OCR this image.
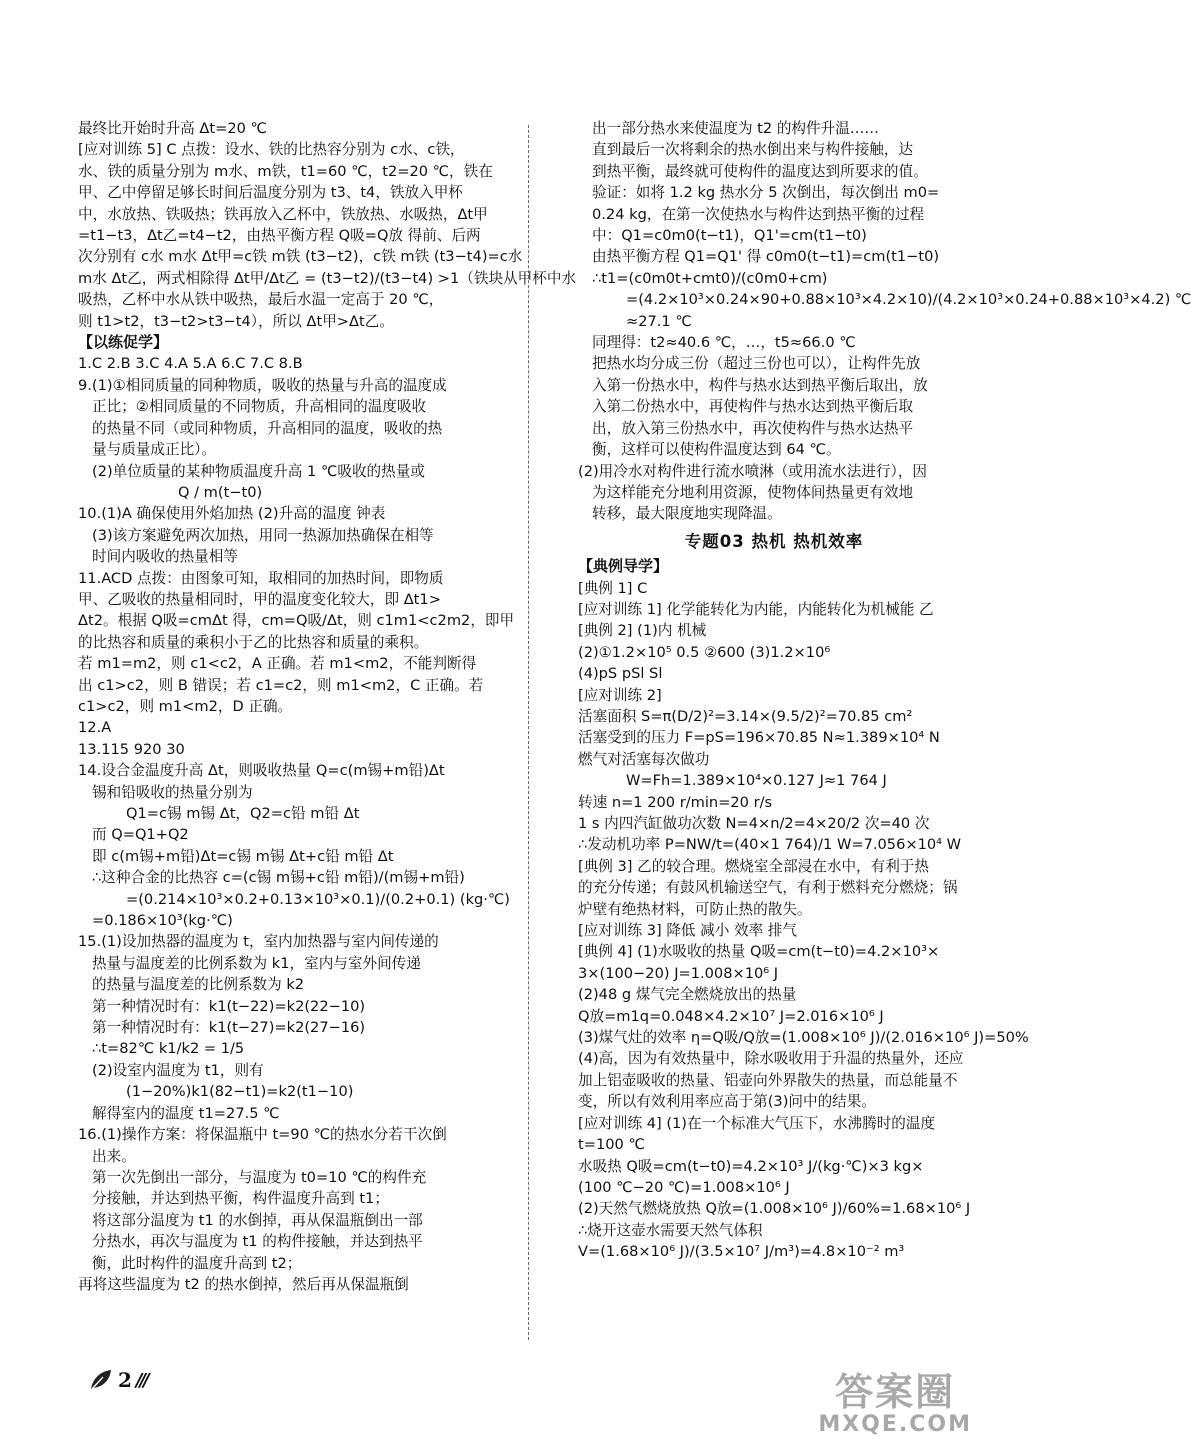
最终比开始时升高 Δt=20 ℃
[应对训练 5] C 点拨：设水、铁的比热容分别为 c水、c铁，
水、铁的质量分别为 m水、m铁，t1=60 ℃，t2=20 ℃，铁在
甲、乙中停留足够长时间后温度分别为 t3、t4，铁放入甲杯
中，水放热、铁吸热；铁再放入乙杯中，铁放热、水吸热，Δt甲
=t1−t3，Δt乙=t4−t2，由热平衡方程 Q吸=Q放 得前、后两
次分别有 c水 m水 Δt甲=c铁 m铁 (t3−t2)，c铁 m铁 (t3−t4)=c水
m水 Δt乙，两式相除得 Δt甲/Δt乙 = (t3−t2)/(t3−t4) >1（铁块从甲杯中水
吸热，乙杯中水从铁中吸热，最后水温一定高于 20 ℃，
则 t1>t2，t3−t2>t3−t4），所以 Δt甲>Δt乙。
【以练促学】
1.C 2.B 3.C 4.A 5.A 6.C 7.C 8.B
9.(1)①相同质量的同种物质，吸收的热量与升高的温度成
正比；②相同质量的不同物质，升高相同的温度吸收
的热量不同（或同种物质，升高相同的温度，吸收的热
量与质量成正比）。
(2)单位质量的某种物质温度升高 1 ℃吸收的热量或
Q / m(t−t0)
10.(1)A 确保使用外焰加热 (2)升高的温度 钟表
(3)该方案避免两次加热，用同一热源加热确保在相等
时间内吸收的热量相等
11.ACD 点拨：由图象可知，取相同的加热时间，即物质
甲、乙吸收的热量相同时，甲的温度变化较大，即 Δt1>
Δt2。根据 Q吸=cmΔt 得，cm=Q吸/Δt，则 c1m1<c2m2，即甲
的比热容和质量的乘积小于乙的比热容和质量的乘积。
若 m1=m2，则 c1<c2，A 正确。若 m1<m2，不能判断得
出 c1>c2，则 B 错误；若 c1=c2，则 m1<m2，C 正确。若
c1>c2，则 m1<m2，D 正确。
12.A
13.115 920 30
14.设合金温度升高 Δt，则吸收热量 Q=c(m锡+m铅)Δt
锡和铅吸收的热量分别为
Q1=c锡 m锡 Δt，Q2=c铅 m铅 Δt
而 Q=Q1+Q2
即 c(m锡+m铅)Δt=c锡 m锡 Δt+c铅 m铅 Δt
∴这种合金的比热容 c=(c锡 m锡+c铅 m铅)/(m锡+m铅)
=(0.214×10³×0.2+0.13×10³×0.1)/(0.2+0.1) (kg·℃)
=0.186×10³(kg·℃)
15.(1)设加热器的温度为 t，室内加热器与室内间传递的
热量与温度差的比例系数为 k1，室内与室外间传递
的热量与温度差的比例系数为 k2
第一种情况时有：k1(t−22)=k2(22−10)
第一种情况时有：k1(t−27)=k2(27−16)
∴t=82℃ k1/k2 = 1/5
(2)设室内温度为 t1，则有
(1−20%)k1(82−t1)=k2(t1−10)
解得室内的温度 t1=27.5 ℃
16.(1)操作方案：将保温瓶中 t=90 ℃的热水分若干次倒
出来。
第一次先倒出一部分，与温度为 t0=10 ℃的构件充
分接触，并达到热平衡，构件温度升高到 t1；
将这部分温度为 t1 的水倒掉，再从保温瓶倒出一部
分热水，再次与温度为 t1 的构件接触，并达到热平
衡，此时构件的温度升高到 t2；
再将这些温度为 t2 的热水倒掉，然后再从保温瓶倒
出一部分热水来使温度为 t2 的构件升温……
直到最后一次将剩余的热水倒出来与构件接触，达
到热平衡，最终就可使构件的温度达到所要求的值。
验证：如将 1.2 kg 热水分 5 次倒出，每次倒出 m0=
0.24 kg，在第一次使热水与构件达到热平衡的过程
中：Q1=c0m0(t−t1)，Q1'=cm(t1−t0)
由热平衡方程 Q1=Q1' 得 c0m0(t−t1)=cm(t1−t0)
∴t1=(c0m0t+cmt0)/(c0m0+cm)
=(4.2×10³×0.24×90+0.88×10³×4.2×10)/(4.2×10³×0.24+0.88×10³×4.2) ℃
≈27.1 ℃
同理得：t2≈40.6 ℃，…，t5≈66.0 ℃
把热水均分成三份（超过三份也可以），让构件先放
入第一份热水中，构件与热水达到热平衡后取出，放
入第二份热水中，再使构件与热水达到热平衡后取
出，放入第三份热水中，再次使构件与热水达热平
衡，这样可以使构件温度达到 64 ℃。
(2)用冷水对构件进行流水喷淋（或用流水法进行），因
为这样能充分地利用资源，使物体间热量更有效地
转移，最大限度地实现降温。
专题03 热机 热机效率
【典例导学】
[典例 1] C
[应对训练 1] 化学能转化为内能，内能转化为机械能 乙
[典例 2] (1)内 机械
(2)①1.2×10⁵ 0.5 ②600 (3)1.2×10⁶
(4)pS pSl Sl
[应对训练 2]
活塞面积 S=π(D/2)²=3.14×(9.5/2)²=70.85 cm²
活塞受到的压力 F=pS=196×70.85 N≈1.389×10⁴ N
燃气对活塞每次做功
W=Fh=1.389×10⁴×0.127 J≈1 764 J
转速 n=1 200 r/min=20 r/s
1 s 内四汽缸做功次数 N=4×n/2=4×20/2 次=40 次
∴发动机功率 P=NW/t=(40×1 764)/1 W=7.056×10⁴ W
[典例 3] 乙的较合理。燃烧室全部浸在水中，有利于热
的充分传递；有鼓风机输送空气，有利于燃料充分燃烧；锅
炉壁有绝热材料，可防止热的散失。
[应对训练 3] 降低 减小 效率 排气
[典例 4] (1)水吸收的热量 Q吸=cm(t−t0)=4.2×10³×
3×(100−20) J=1.008×10⁶ J
(2)48 g 煤气完全燃烧放出的热量
Q放=m1q=0.048×4.2×10⁷ J=2.016×10⁶ J
(3)煤气灶的效率 η=Q吸/Q放=(1.008×10⁶ J)/(2.016×10⁶ J)=50%
(4)高，因为有效热量中，除水吸收用于升温的热量外，还应
加上铝壶吸收的热量、铝壶向外界散失的热量，而总能量不
变，所以有效利用率应高于第(3)问中的结果。
[应对训练 4] (1)在一个标准大气压下，水沸腾时的温度
t=100 ℃
水吸热 Q吸=cm(t−t0)=4.2×10³ J/(kg·℃)×3 kg×
(100 ℃−20 ℃)=1.008×10⁶ J
(2)天然气燃烧放热 Q放=(1.008×10⁶ J)/60%=1.68×10⁶ J
∴烧开这壶水需要天然气体积
V=(1.68×10⁶ J)/(3.5×10⁷ J/m³)=4.8×10⁻² m³
2 ///	答案圈
MXQE.COM
